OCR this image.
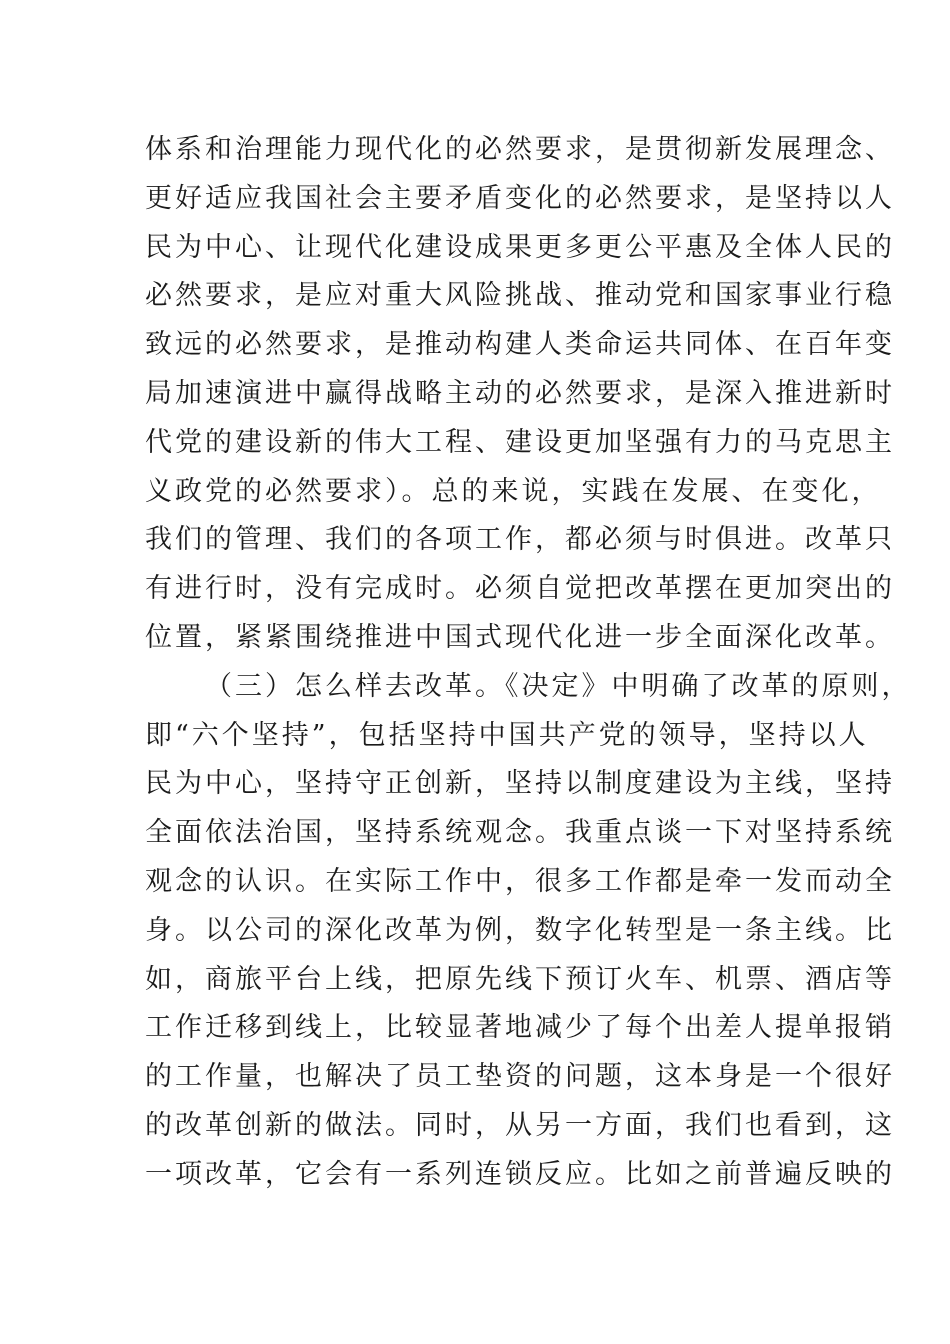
体系和治理能力现代化的必然要求，是贯彻新发展理念、
更好适应我国社会主要矛盾变化的必然要求，是坚持以人
民为中心、让现代化建设成果更多更公平惠及全体人民的
必然要求，是应对重大风险挑战、推动党和国家事业行稳
致远的必然要求，是推动构建人类命运共同体、在百年变
局加速演进中赢得战略主动的必然要求，是深入推进新时
代党的建设新的伟大工程、建设更加坚强有力的马克思主
义政党的必然要求）。总的来说，实践在发展、在变化，
我们的管理、我们的各项工作，都必须与时俱进。改革只
有进行时，没有完成时。必须自觉把改革摆在更加突出的
位置，紧紧围绕推进中国式现代化进一步全面深化改革。
（三）怎么样去改革。《决定》中明确了改革的原则，
即“六个坚持”，包括坚持中国共产党的领导，坚持以人
民为中心，坚持守正创新，坚持以制度建设为主线，坚持
全面依法治国，坚持系统观念。我重点谈一下对坚持系统
观念的认识。在实际工作中，很多工作都是牵一发而动全
身。以公司的深化改革为例，数字化转型是一条主线。比
如，商旅平台上线，把原先线下预订火车、机票、酒店等
工作迁移到线上，比较显著地减少了每个出差人提单报销
的工作量，也解决了员工垫资的问题，这本身是一个很好
的改革创新的做法。同时，从另一方面，我们也看到，这
一项改革，它会有一系列连锁反应。比如之前普遍反映的
